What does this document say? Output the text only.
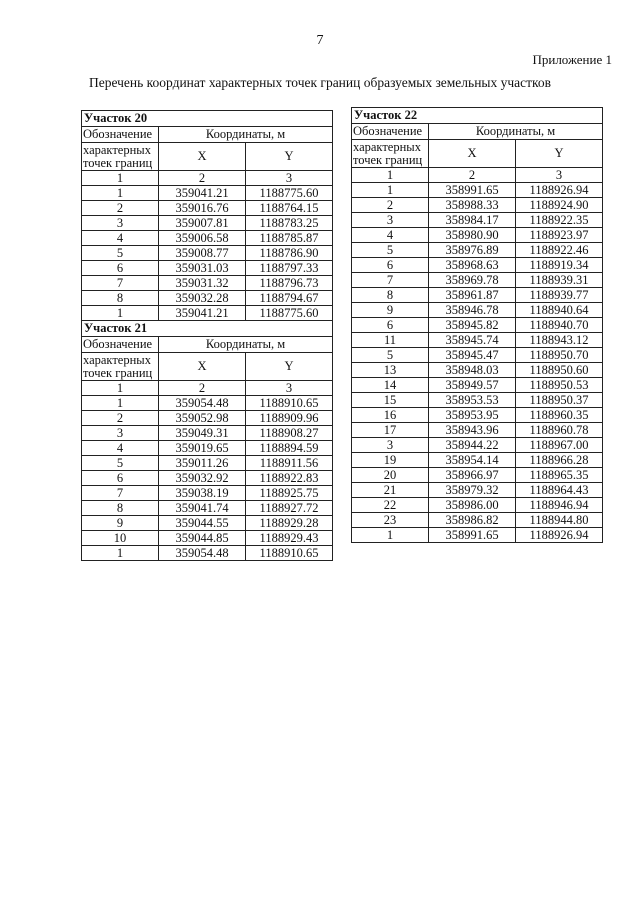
7
Приложение 1
Перечень координат характерных точек границ образуемых земельных участков
Участок 20		
Обозначение	Координаты, м	
характерных точек границ	X	Y
1	2	3
1	359041.21	1188775.60
2	359016.76	1188764.15
3	359007.81	1188783.25
4	359006.58	1188785.87
5	359008.77	1188786.90
6	359031.03	1188797.33
7	359031.32	1188796.73
8	359032.28	1188794.67
1	359041.21	1188775.60
Участок 21		
Обозначение	Координаты, м	
характерных точек границ	X	Y
1	2	3
1	359054.48	1188910.65
2	359052.98	1188909.96
3	359049.31	1188908.27
4	359019.65	1188894.59
5	359011.26	1188911.56
6	359032.92	1188922.83
7	359038.19	1188925.75
8	359041.74	1188927.72
9	359044.55	1188929.28
10	359044.85	1188929.43
1	359054.48	1188910.65
Участок 22		
Обозначение	Координаты, м	
характерных точек границ	X	Y
1	2	3
1	358991.65	1188926.94
2	358988.33	1188924.90
3	358984.17	1188922.35
4	358980.90	1188923.97
5	358976.89	1188922.46
6	358968.63	1188919.34
7	358969.78	1188939.31
8	358961.87	1188939.77
9	358946.78	1188940.64
6	358945.82	1188940.70
11	358945.74	1188943.12
5	358945.47	1188950.70
13	358948.03	1188950.60
14	358949.57	1188950.53
15	358953.53	1188950.37
16	358953.95	1188960.35
17	358943.96	1188960.78
3	358944.22	1188967.00
19	358954.14	1188966.28
20	358966.97	1188965.35
21	358979.32	1188964.43
22	358986.00	1188946.94
23	358986.82	1188944.80
1	358991.65	1188926.94
